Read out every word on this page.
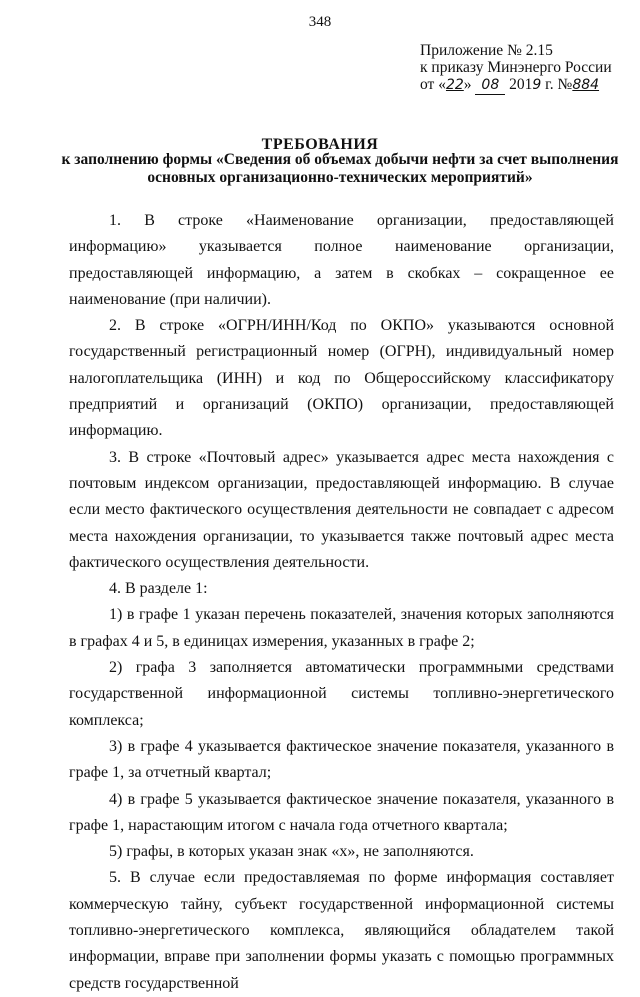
348
Приложение № 2.15
к приказу Минэнерго России
от «22» 08 2019 г. №884
ТРЕБОВАНИЯ
к заполнению формы «Сведения об объемах добычи нефти за счет выполнения основных организационно-технических мероприятий»

1. В строке «Наименование организации, предоставляющей информацию» указывается полное наименование организации, предоставляющей информацию, а затем в скобках – сокращенное ее наименование (при наличии).

2. В строке «ОГРН/ИНН/Код по ОКПО» указываются основной государственный регистрационный номер (ОГРН), индивидуальный номер налогоплательщика (ИНН) и код по Общероссийскому классификатору предприятий и организаций (ОКПО) организации, предоставляющей информацию.

3. В строке «Почтовый адрес» указывается адрес места нахождения с почтовым индексом организации, предоставляющей информацию. В случае если место фактического осуществления деятельности не совпадает с адресом места нахождения организации, то указывается также почтовый адрес места фактического осуществления деятельности.

4. В разделе 1:

1) в графе 1 указан перечень показателей, значения которых заполняются в графах 4 и 5, в единицах измерения, указанных в графе 2;

2) графа 3 заполняется автоматически программными средствами государственной информационной системы топливно-энергетического комплекса;

3) в графе 4 указывается фактическое значение показателя, указанного в графе 1, за отчетный квартал;

4) в графе 5 указывается фактическое значение показателя, указанного в графе 1, нарастающим итогом с начала года отчетного квартала;

5) графы, в которых указан знак «х», не заполняются.

5. В случае если предоставляемая по форме информация составляет коммерческую тайну, субъект государственной информационной системы топливно-энергетического комплекса, являющийся обладателем такой информации, вправе при заполнении формы указать с помощью программных средств государственной
